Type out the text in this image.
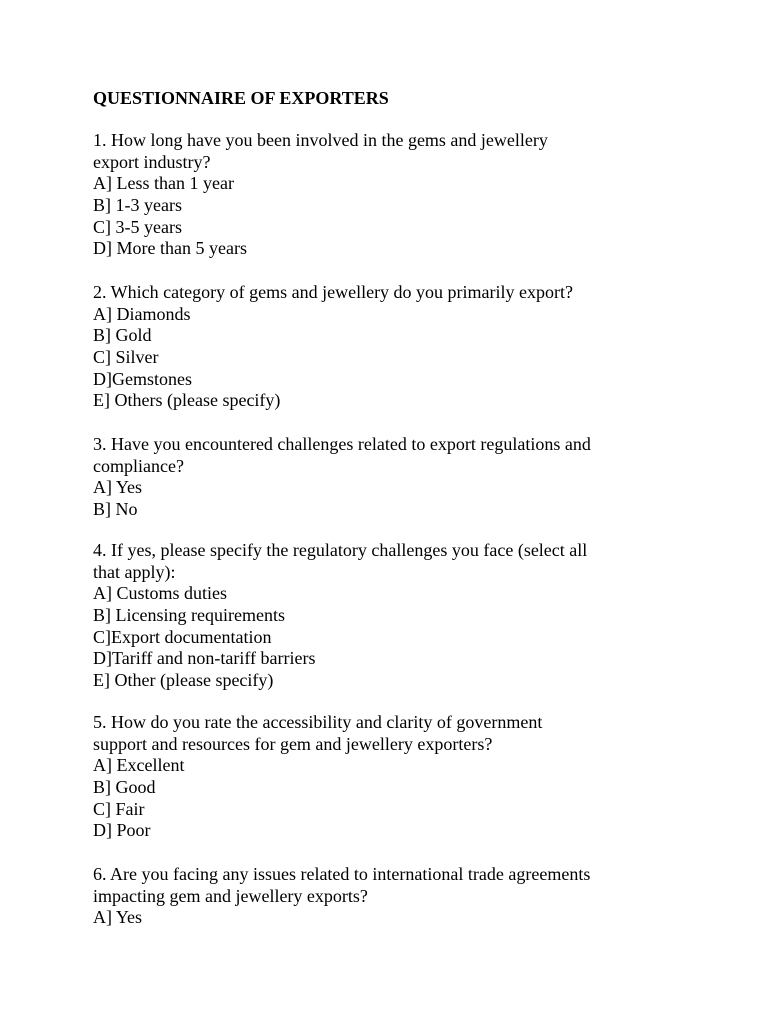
QUESTIONNAIRE OF EXPORTERS
1. How long have you been involved in the gems and jewellery
export industry?
A] Less than 1 year
B] 1-3 years
C] 3-5 years
D] More than 5 years
2. Which category of gems and jewellery do you primarily export?
A] Diamonds
B] Gold
C] Silver
D]Gemstones
E] Others (please specify)
3. Have you encountered challenges related to export regulations and
compliance?
A] Yes
B] No
4. If yes, please specify the regulatory challenges you face (select all
that apply):
A] Customs duties
B] Licensing requirements
C]Export documentation
D]Tariff and non-tariff barriers
E] Other (please specify)
5. How do you rate the accessibility and clarity of government
support and resources for gem and jewellery exporters?
A] Excellent
B] Good
C] Fair
D] Poor
6. Are you facing any issues related to international trade agreements
impacting gem and jewellery exports?
A] Yes
